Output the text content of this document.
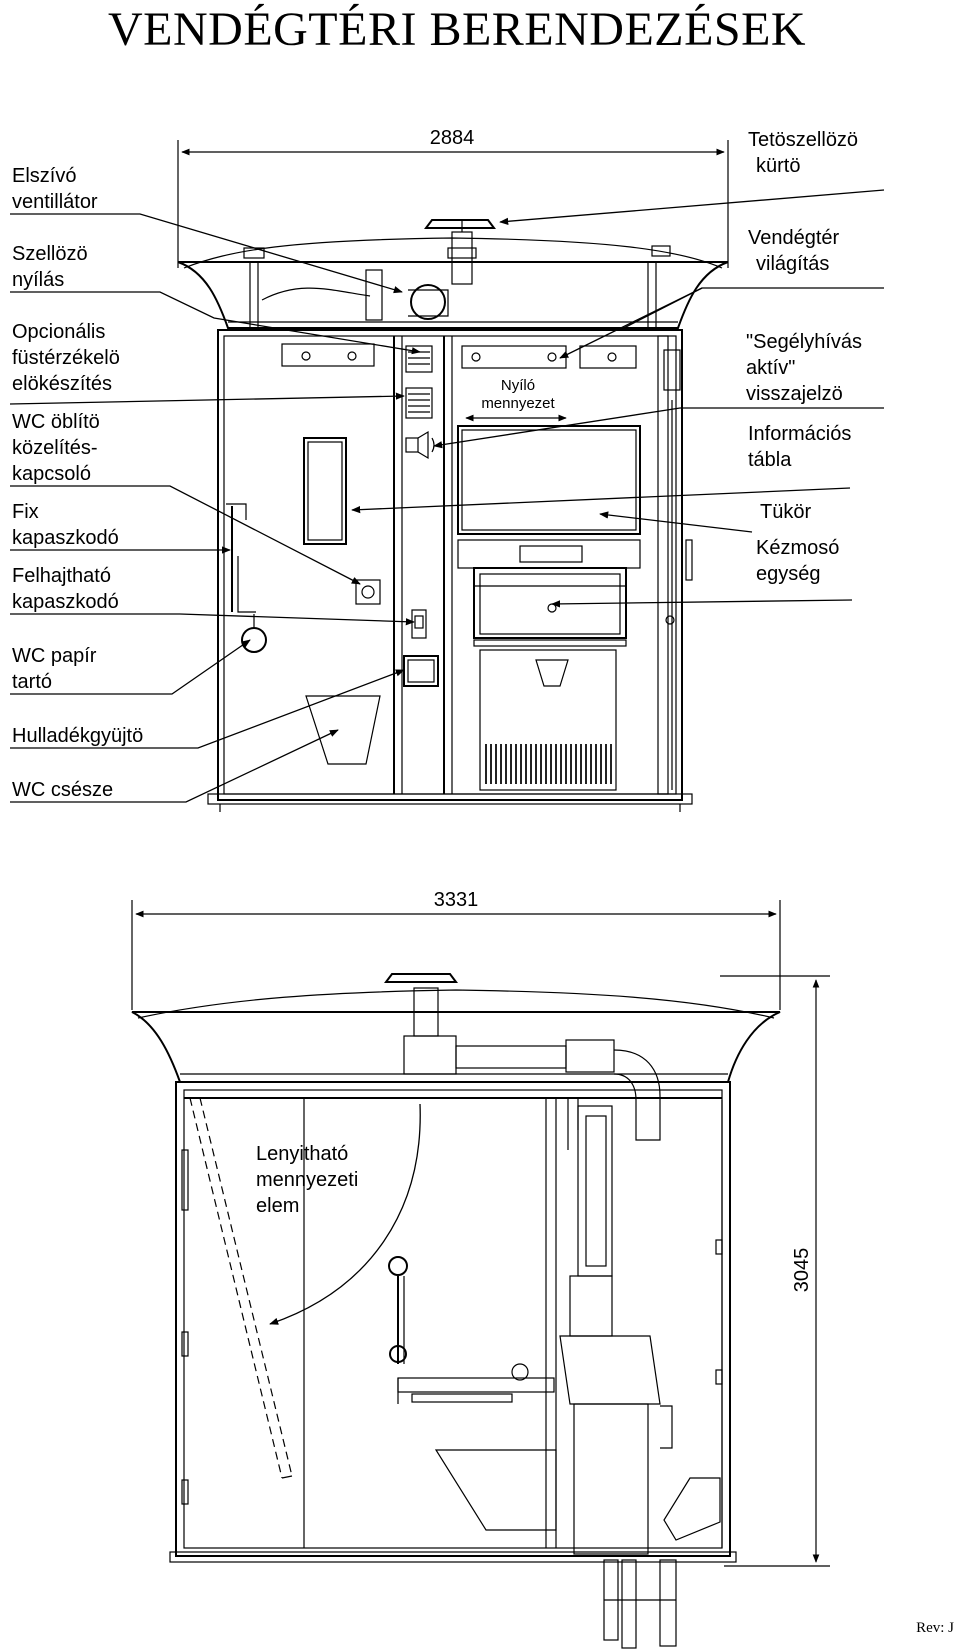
VENDÉGTÉRI BERENDEZÉSEK
2884
Nyíló
mennyezet
Elszívó
ventillátor
Szellözö
nyílás
Opcionális
füstérzékelö
elökészítés
WC öblítö
közelítés-
kapcsoló
Fix
kapaszkodó
Felhajtható
kapaszkodó
WC papír
tartó
Hulladékgyüjtö
WC csésze
Tetöszellözö
kürtö
Vendégtér
világítás
"Segélyhívás
aktív"
visszajelzö
Információs
tábla
Tükör
Kézmosó
egység
3331
3045
Lenyitható
mennyezeti
elem
Rev: J
